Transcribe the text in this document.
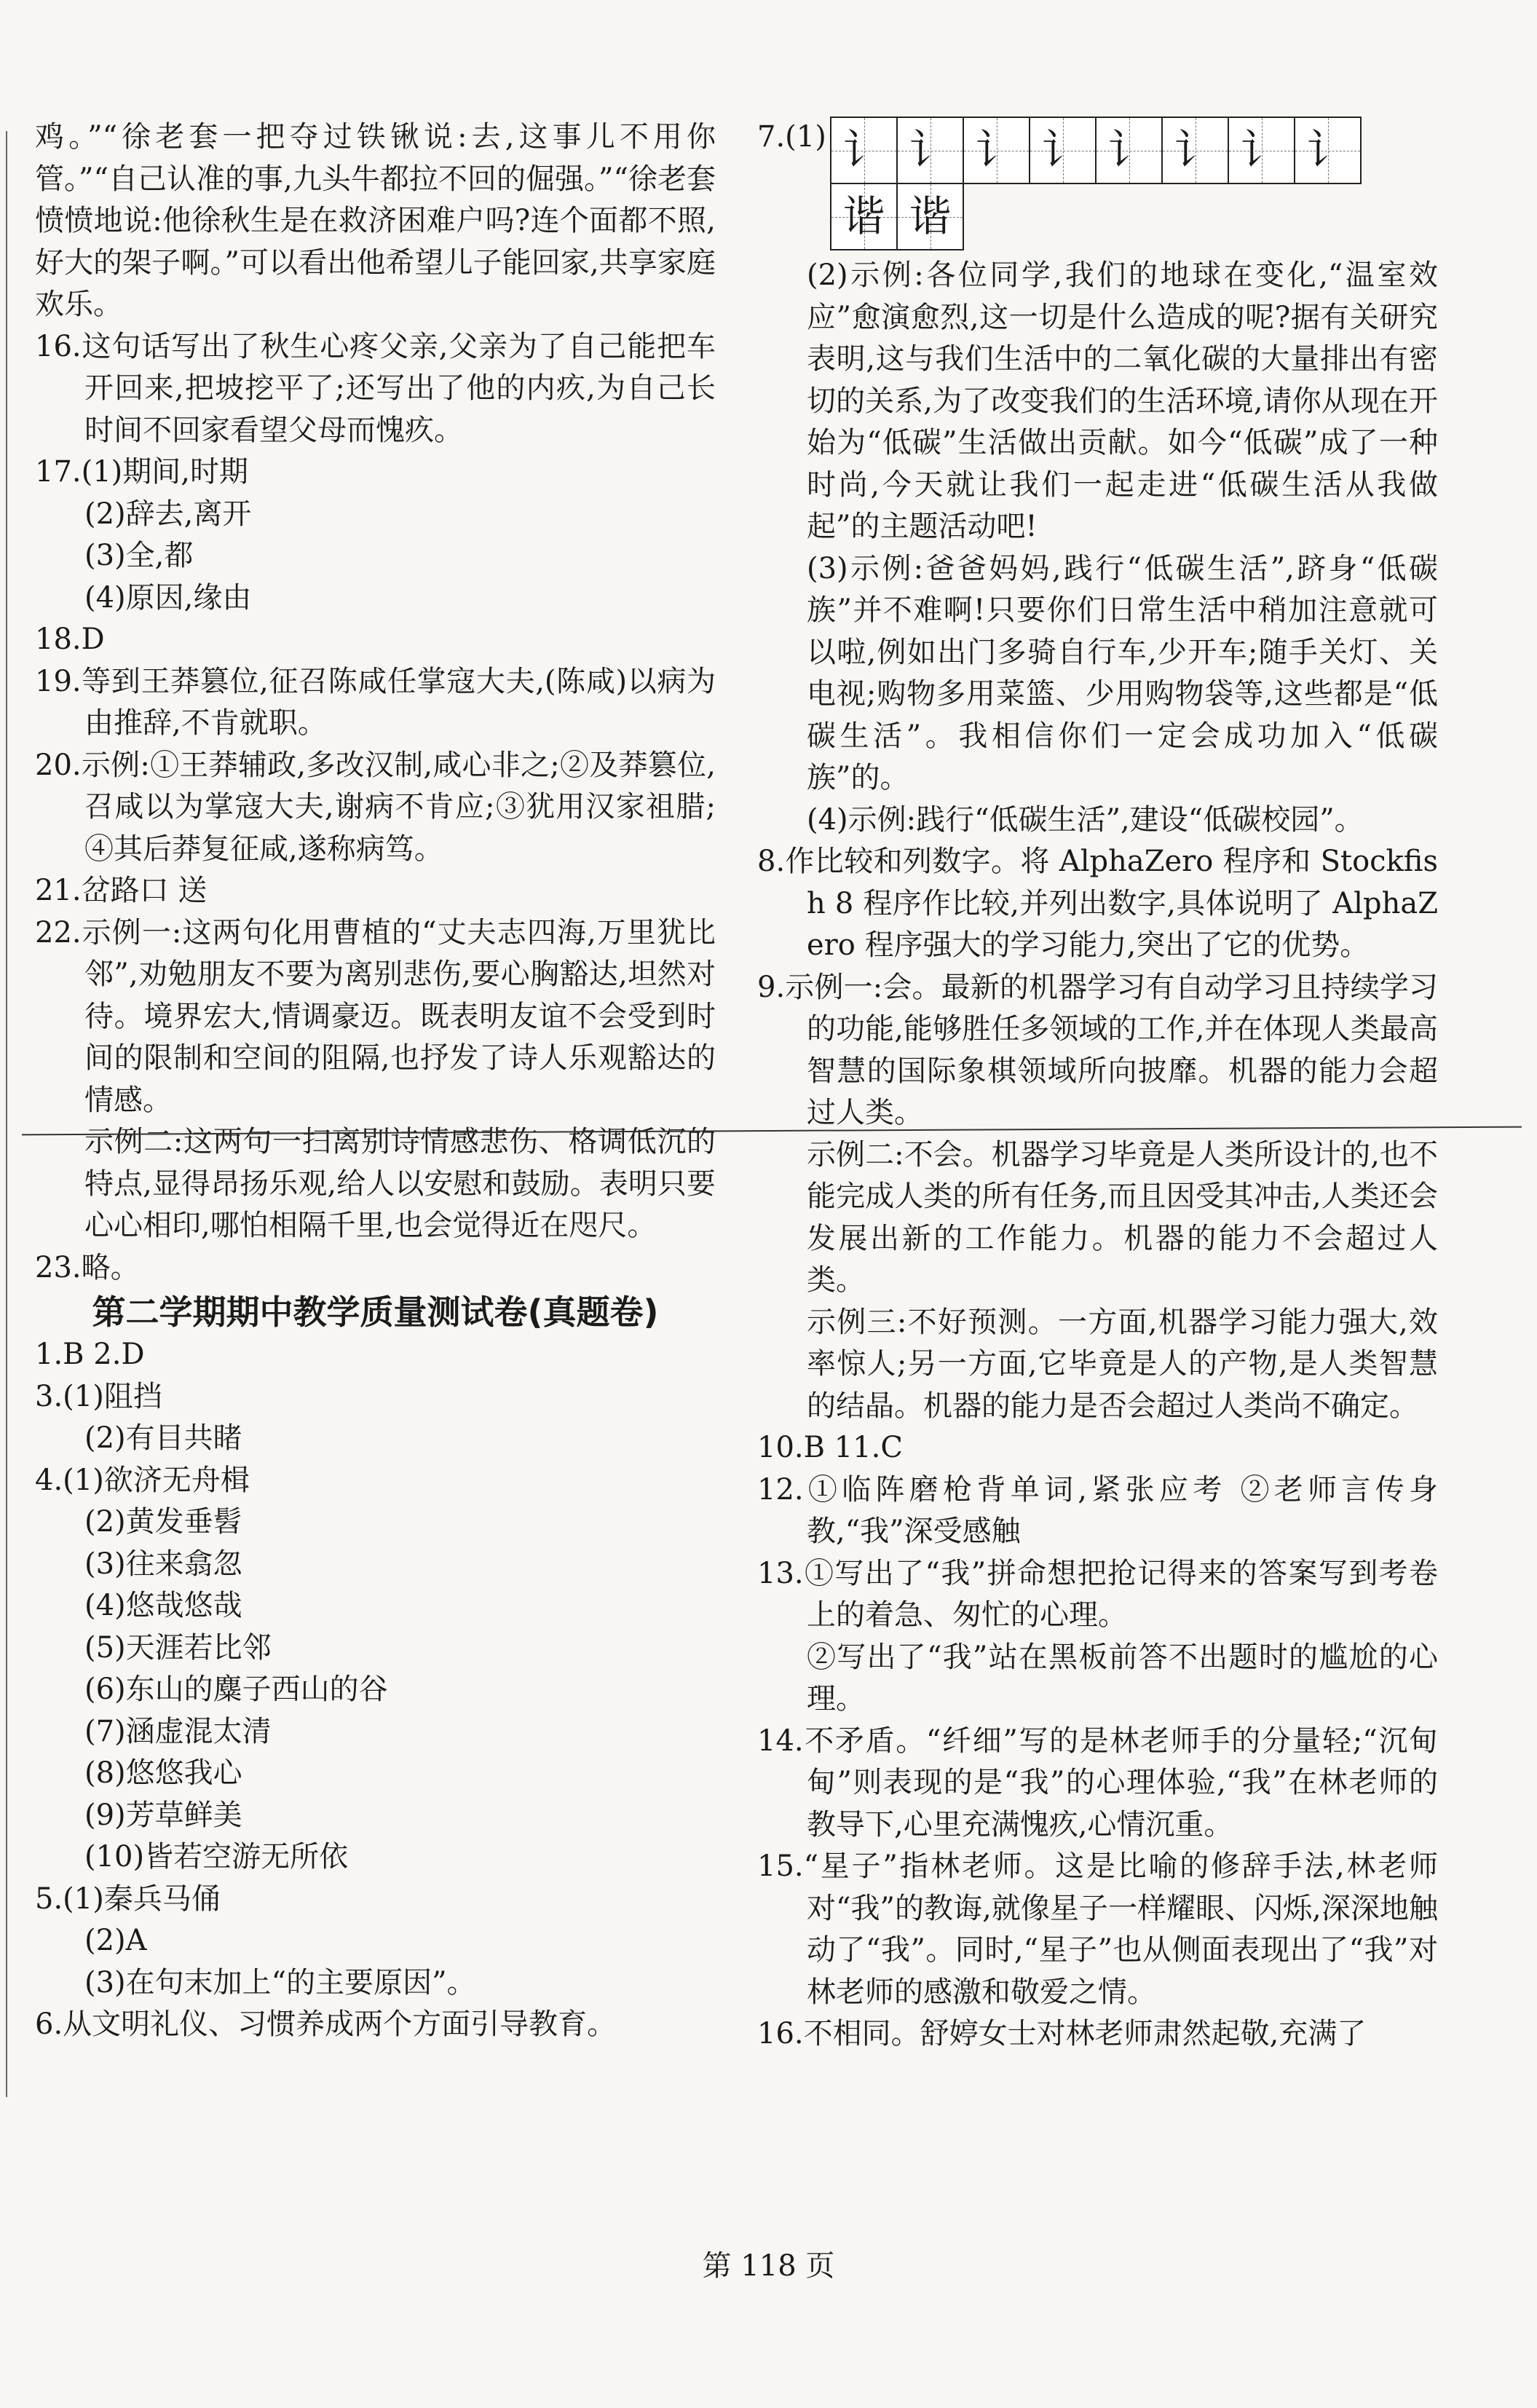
鸡。”“徐老套一把夺过铁锹说:去,这事儿不用你管。”“自己认准的事,九头牛都拉不回的倔强。”“徐老套愤愤地说:他徐秋生是在救济困难户吗?连个面都不照,好大的架子啊。”可以看出他希望儿子能回家,共享家庭欢乐。

16.这句话写出了秋生心疼父亲,父亲为了自己能把车开回来,把坡挖平了;还写出了他的内疚,为自己长时间不回家看望父母而愧疚。

17.(1)期间,时期

(2)辞去,离开

(3)全,都

(4)原因,缘由

18.D

19.等到王莽篡位,征召陈咸任掌寇大夫,(陈咸)以病为由推辞,不肯就职。

20.示例:①王莽辅政,多改汉制,咸心非之;②及莽篡位,召咸以为掌寇大夫,谢病不肯应;③犹用汉家祖腊;④其后莽复征咸,遂称病笃。

21.岔路口 送

22.示例一:这两句化用曹植的“丈夫志四海,万里犹比邻”,劝勉朋友不要为离别悲伤,要心胸豁达,坦然对待。境界宏大,情调豪迈。既表明友谊不会受到时间的限制和空间的阻隔,也抒发了诗人乐观豁达的情感。

示例二:这两句一扫离别诗情感悲伤、格调低沉的特点,显得昂扬乐观,给人以安慰和鼓励。表明只要心心相印,哪怕相隔千里,也会觉得近在咫尺。

23.略。

第二学期期中教学质量测试卷(真题卷)

1.B 2.D

3.(1)阻挡

(2)有目共睹

4.(1)欲济无舟楫

(2)黄发垂髫

(3)往来翕忽

(4)悠哉悠哉

(5)天涯若比邻

(6)东山的麋子西山的谷

(7)涵虚混太清

(8)悠悠我心

(9)芳草鲜美

(10)皆若空游无所依

5.(1)秦兵马俑

(2)A

(3)在句末加上“的主要原因”。

6.从文明礼仪、习惯养成两个方面引导教育。

7.(1) 讠 讠 讠 讠 讠 讠 讠 讠
谐 谐

(2)示例:各位同学,我们的地球在变化,“温室效应”愈演愈烈,这一切是什么造成的呢?据有关研究表明,这与我们生活中的二氧化碳的大量排出有密切的关系,为了改变我们的生活环境,请你从现在开始为“低碳”生活做出贡献。如今“低碳”成了一种时尚,今天就让我们一起走进“低碳生活从我做起”的主题活动吧!

(3)示例:爸爸妈妈,践行“低碳生活”,跻身“低碳族”并不难啊!只要你们日常生活中稍加注意就可以啦,例如出门多骑自行车,少开车;随手关灯、关电视;购物多用菜篮、少用购物袋等,这些都是“低碳生活”。我相信你们一定会成功加入“低碳族”的。

(4)示例:践行“低碳生活”,建设“低碳校园”。

8.作比较和列数字。将 AlphaZero 程序和 Stockfish 8 程序作比较,并列出数字,具体说明了 AlphaZero 程序强大的学习能力,突出了它的优势。

9.示例一:会。最新的机器学习有自动学习且持续学习的功能,能够胜任多领域的工作,并在体现人类最高智慧的国际象棋领域所向披靡。机器的能力会超过人类。

示例二:不会。机器学习毕竟是人类所设计的,也不能完成人类的所有任务,而且因受其冲击,人类还会发展出新的工作能力。机器的能力不会超过人类。

示例三:不好预测。一方面,机器学习能力强大,效率惊人;另一方面,它毕竟是人的产物,是人类智慧的结晶。机器的能力是否会超过人类尚不确定。

10.B 11.C

12.①临阵磨枪背单词,紧张应考 ②老师言传身教,“我”深受感触

13.①写出了“我”拼命想把抢记得来的答案写到考卷上的着急、匆忙的心理。

②写出了“我”站在黑板前答不出题时的尴尬的心理。

14.不矛盾。“纤细”写的是林老师手的分量轻;“沉甸甸”则表现的是“我”的心理体验,“我”在林老师的教导下,心里充满愧疚,心情沉重。

15.“星子”指林老师。这是比喻的修辞手法,林老师对“我”的教诲,就像星子一样耀眼、闪烁,深深地触动了“我”。同时,“星子”也从侧面表现出了“我”对林老师的感激和敬爱之情。

16.不相同。舒婷女士对林老师肃然起敬,充满了

第 118 页
